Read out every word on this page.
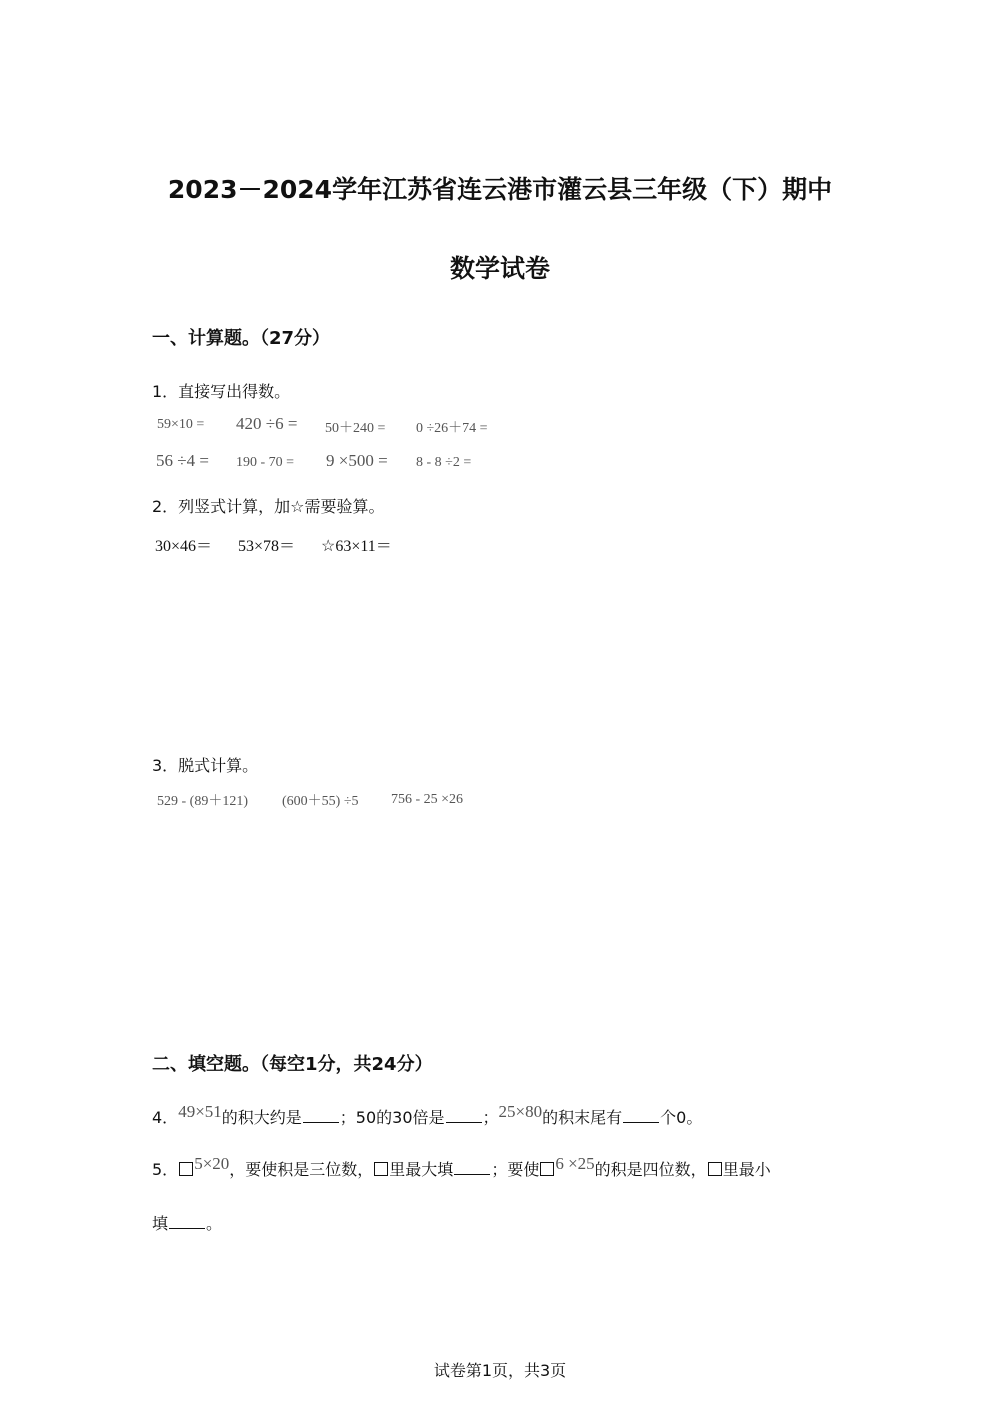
2023－2024学年江苏省连云港市灌云县三年级（下）期中
数学试卷
一、计算题。（27分）
1．直接写出得数。
59×10 = 420 ÷6 = 50＋240 = 0 ÷26＋74 =
56 ÷4 = 190 - 70 = 9 ×500 = 8 - 8 ÷2 =
2．列竖式计算，加☆需要验算。
30×46＝ 53×78＝ ☆63×11＝
3．脱式计算。
529 - (89＋121) (600＋55) ÷5 756 - 25 ×26
二、填空题。（每空1分，共24分）
4．49×51的积大约是 ；50的30倍是 ；25×80的积末尾有 个0。
5． 5×20，要使积是三位数， 里最大填 ；要使 6 ×25的积是四位数， 里最小
填 。
试卷第1页，共3页
